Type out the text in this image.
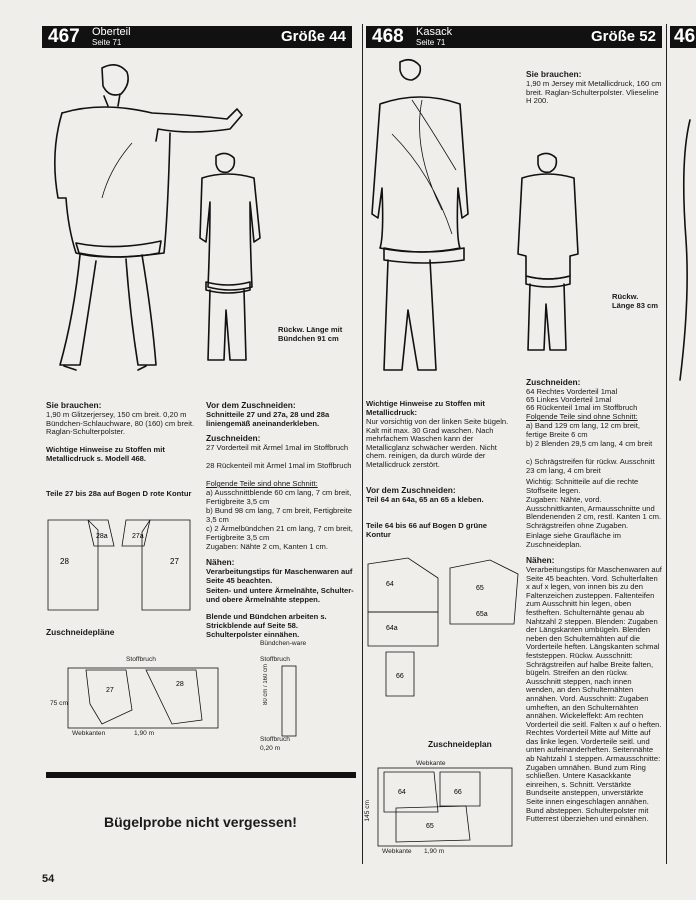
467 Oberteil
Seite 71	Größe 44
Rückw. Länge mit Bündchen 91 cm
Sie brauchen:
1,90 m Glitzerjersey, 150 cm breit. 0,20 m Bündchen-Schlauchware, 80 (160) cm breit. Raglan-Schulterpolster.
Wichtige Hinweise zu Stoffen mit Metallicdruck s. Modell 468.
Teile 27 bis 28a auf Bogen D rote Kontur
28
28a	27a
27
Zuschneidepläne
27
28
Stoffbruch
75 cm
Webkanten	1,90 m
Bündchen-ware
Stoffbruch
80 cm / 160 cm
Stoffbruch
0,20 m
Vor dem Zuschneiden:
Schnitteile 27 und 27a, 28 und 28a liniengemäß aneinanderkleben.
Zuschneiden:
27 Vorderteil mit Ärmel 1mal im Stoffbruch
28 Rückenteil mit Ärmel 1mal im Stoffbruch
Folgende Teile sind ohne Schnitt:
a) Ausschnittblende 60 cm lang, 7 cm breit, Fertigbreite 3,5 cm
b) Bund 98 cm lang, 7 cm breit, Fertigbreite 3,5 cm
c) 2 Ärmelbündchen 21 cm lang, 7 cm breit, Fertigbreite 3,5 cm
Zugaben: Nähte 2 cm, Kanten 1 cm.
Nähen:
Verarbeitungstips für Maschenwaren auf Seite 45 beachten.
Seiten- und untere Ärmelnähte, Schulter- und obere Ärmelnähte steppen.
Blende und Bündchen arbeiten s. Strickblende auf Seite 58.
Schulterpolster einnähen.
Bügelprobe nicht vergessen!
468 Kasack
Seite 71	Größe 52
Sie brauchen:
1,90 m Jersey mit Metallicdruck, 160 cm breit. Raglan-Schulterpolster. Vlieseline H 200.
Rückw. Länge 83 cm
Wichtige Hinweise zu Stoffen mit Metallicdruck:
Nur vorsichtig von der linken Seite bügeln. Kalt mit max. 30 Grad waschen. Nach mehrfachem Waschen kann der Metallicglanz schwächer werden. Nicht chem. reinigen, da durch würde der Metallicdruck zerstört.
Vor dem Zuschneiden:
Teil 64 an 64a, 65 an 65 a kleben.
Teile 64 bis 66 auf Bogen D grüne Kontur
64
64a
65
65a
66
Zuschneideplan
Webkante
64	66
65
145 cm
Webkante 1,90 m
Zuschneiden:
64 Rechtes Vorderteil 1mal
65 Linkes Vorderteil 1mal
66 Rückenteil 1mal im Stoffbruch
Folgende Teile sind ohne Schnitt:
a) Band 129 cm lang, 12 cm breit, fertige Breite 6 cm
b) 2 Blenden 29,5 cm lang, 4 cm breit
c) Schrägstreifen für rückw. Ausschnitt 23 cm lang, 4 cm breit
Wichtig: Schnitteile auf die rechte Stoffseite legen.
Zugaben: Nähte, vord. Ausschnittkanten, Armausschnitte und Blendenenden 2 cm, restl. Kanten 1 cm. Schrägstreifen ohne Zugaben.
Einlage siehe Graufläche im Zuschneideplan.
Nähen:
Verarbeitungstips für Maschenwaren auf Seite 45 beachten. Vord. Schulterfalten x auf x legen, von innen bis zu den Faltenzeichen zusteppen. Faltenteifen zum Ausschnitt hin legen, oben festheften. Schulternähte genau ab Nahtzahl 2 steppen. Blenden: Zugaben der Längskanten umbügeln. Blenden neben den Schulternähten auf die Vorderteile heften. Längskanten schmal feststeppen. Rückw. Ausschnitt: Schrägstreifen auf halbe Breite falten, bügeln. Streifen an den rückw. Ausschnitt steppen, nach innen wenden, an den Schulternähten annähen. Vord. Ausschnitt: Zugaben umheften, an den Schulternähten annähen. Wickeleffekt: Am rechten Vorderteil die seitl. Falten x auf o heften. Rechtes Vorderteil Mitte auf Mitte auf das linke legen. Vorderteile seitl. und unten aufeinanderheften. Seitennähte ab Nahtzahl 1 steppen. Armausschnitte: Zugaben umnähen. Bund zum Ring schließen. Untere Kasackkante einreihen, s. Schnitt. Verstärkte Bundseite ansteppen, unverstärkte Seite innen eingeschlagen annähen. Bund absteppen. Schulterpolster mit Futterrest überziehen und einnähen.
46
54
